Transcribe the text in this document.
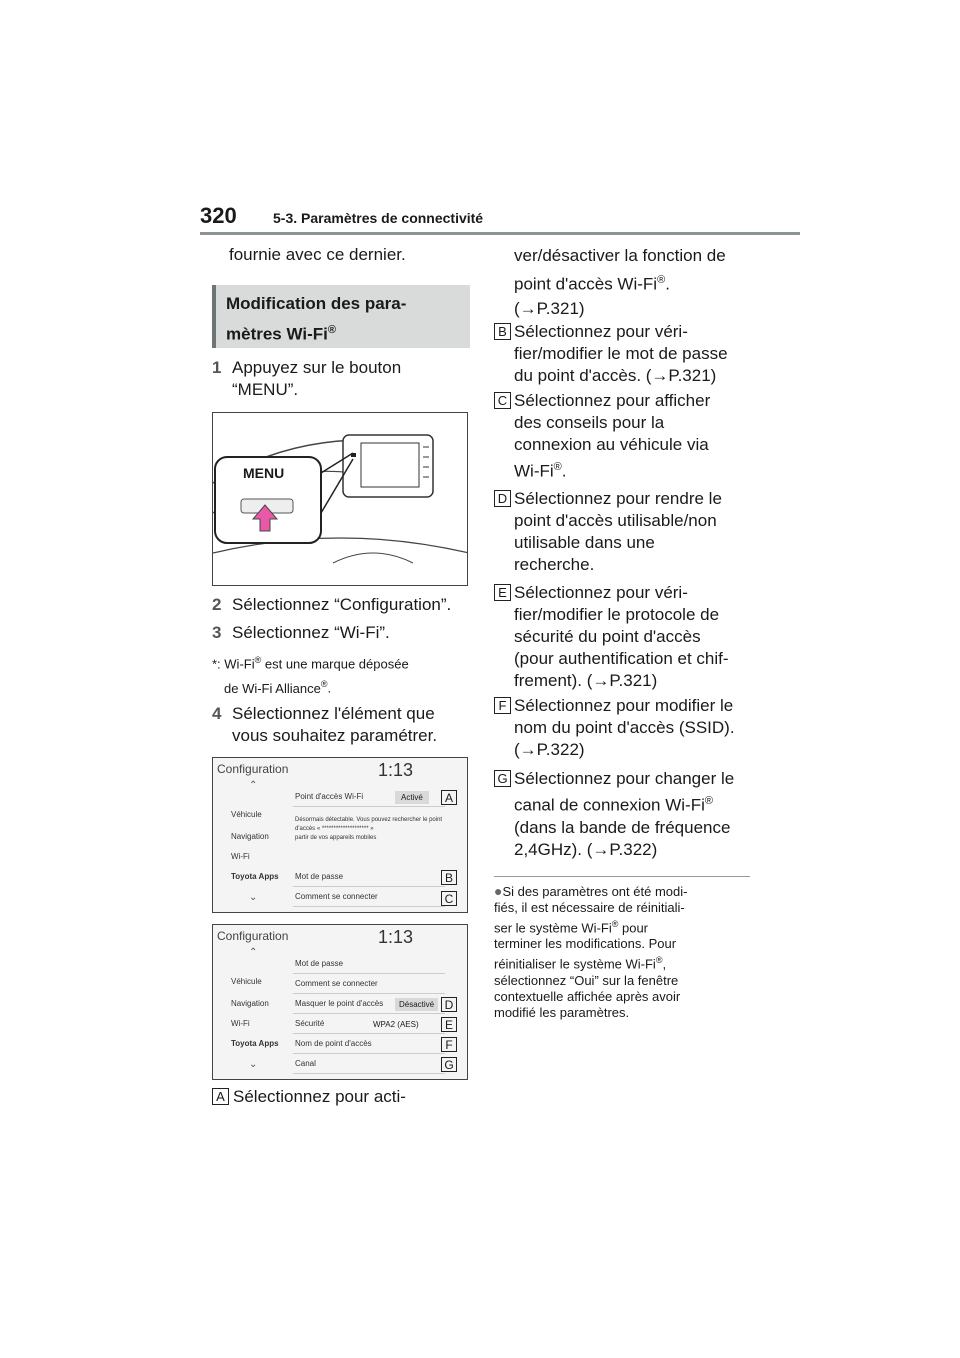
320	5-3. Paramètres de connectivité
fournie avec ce dernier.
Modification des para-
mètres Wi-Fi®
1 Appuyez sur le bouton
“MENU”.
MENU
2 Sélectionnez “Configuration”.
3 Sélectionnez “Wi-Fi”.
*: Wi-Fi® est une marque déposée
de Wi-Fi Alliance®.
4 Sélectionnez l'élément que
vous souhaitez paramétrer.
Configuration	1:13
⌃
Véhicule
Navigation
Wi-Fi
Toyota Apps
⌄
Point d'accès Wi-Fi	Activé
Désormais détectable. Vous pouvez rechercher le point
d'accès « ******************** »
partir de vos appareils mobiles
Mot de passe
Comment se connecter
A
B
C
Configuration	1:13
⌃
Véhicule
Navigation
Wi-Fi
Toyota Apps
⌄
Mot de passe
Comment se connecter
Masquer le point d'accès	Désactivé
Sécurité	WPA2 (AES)
Nom de point d'accès
Canal
D
E
F
G
A Sélectionnez pour acti-
ver/désactiver la fonction de
point d'accès Wi-Fi®.
(→P.321)
B Sélectionnez pour véri-
fier/modifier le mot de passe
du point d'accès. (→P.321)
C Sélectionnez pour afficher
des conseils pour la
connexion au véhicule via
Wi-Fi®.
D Sélectionnez pour rendre le
point d'accès utilisable/non
utilisable dans une
recherche.
E Sélectionnez pour véri-
fier/modifier le protocole de
sécurité du point d'accès
(pour authentification et chif-
frement). (→P.321)
F Sélectionnez pour modifier le
nom du point d'accès (SSID).
(→P.322)
G Sélectionnez pour changer le
canal de connexion Wi-Fi®
(dans la bande de fréquence
2,4GHz). (→P.322)
●Si des paramètres ont été modi-
fiés, il est nécessaire de réinitiali-
ser le système Wi-Fi® pour
terminer les modifications. Pour
réinitialiser le système Wi-Fi®,
sélectionnez “Oui” sur la fenêtre
contextuelle affichée après avoir
modifié les paramètres.
